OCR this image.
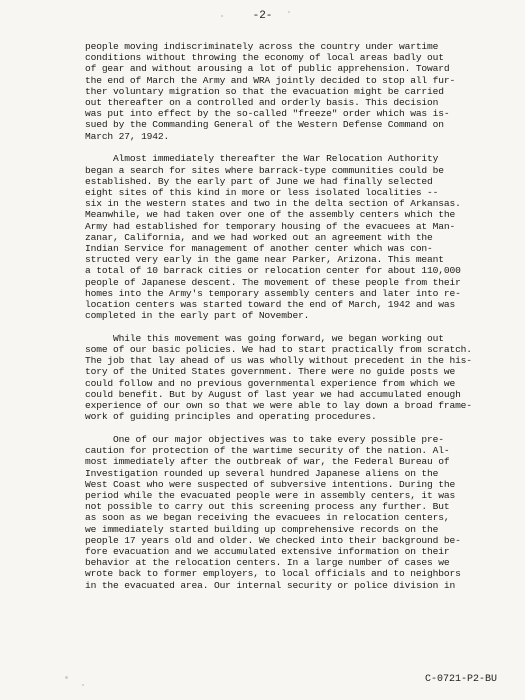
-2-

people moving indiscriminately across the country under wartime
conditions without throwing the economy of local areas badly out
of gear and without arousing a lot of public apprehension. Toward
the end of March the Army and WRA jointly decided to stop all fur-
ther voluntary migration so that the evacuation might be carried
out thereafter on a controlled and orderly basis. This decision
was put into effect by the so-called "freeze" order which was is-
sued by the Commanding General of the Western Defense Command on
March 27, 1942.

Almost immediately thereafter the War Relocation Authority
began a search for sites where barrack-type communities could be
established. By the early part of June we had finally selected
eight sites of this kind in more or less isolated localities --
six in the western states and two in the delta section of Arkansas.
Meanwhile, we had taken over one of the assembly centers which the
Army had established for temporary housing of the evacuees at Man-
zanar, California, and we had worked out an agreement with the
Indian Service for management of another center which was con-
structed very early in the game near Parker, Arizona. This meant
a total of 10 barrack cities or relocation center for about 110,000
people of Japanese descent. The movement of these people from their
homes into the Army's temporary assembly centers and later into re-
location centers was started toward the end of March, 1942 and was
completed in the early part of November.

While this movement was going forward, we began working out
some of our basic policies. We had to start practically from scratch.
The job that lay ahead of us was wholly without precedent in the his-
tory of the United States government. There were no guide posts we
could follow and no previous governmental experience from which we
could benefit. But by August of last year we had accumulated enough
experience of our own so that we were able to lay down a broad frame-
work of guiding principles and operating procedures.

One of our major objectives was to take every possible pre-
caution for protection of the wartime security of the nation. Al-
most immediately after the outbreak of war, the Federal Bureau of
Investigation rounded up several hundred Japanese aliens on the
West Coast who were suspected of subversive intentions. During the
period while the evacuated people were in assembly centers, it was
not possible to carry out this screening process any further. But
as soon as we began receiving the evacuees in relocation centers,
we immediately started building up comprehensive records on the
people 17 years old and older. We checked into their background be-
fore evacuation and we accumulated extensive information on their
behavior at the relocation centers. In a large number of cases we
wrote back to former employers, to local officials and to neighbors
in the evacuated area. Our internal security or police division in

C-0721-P2-BU
